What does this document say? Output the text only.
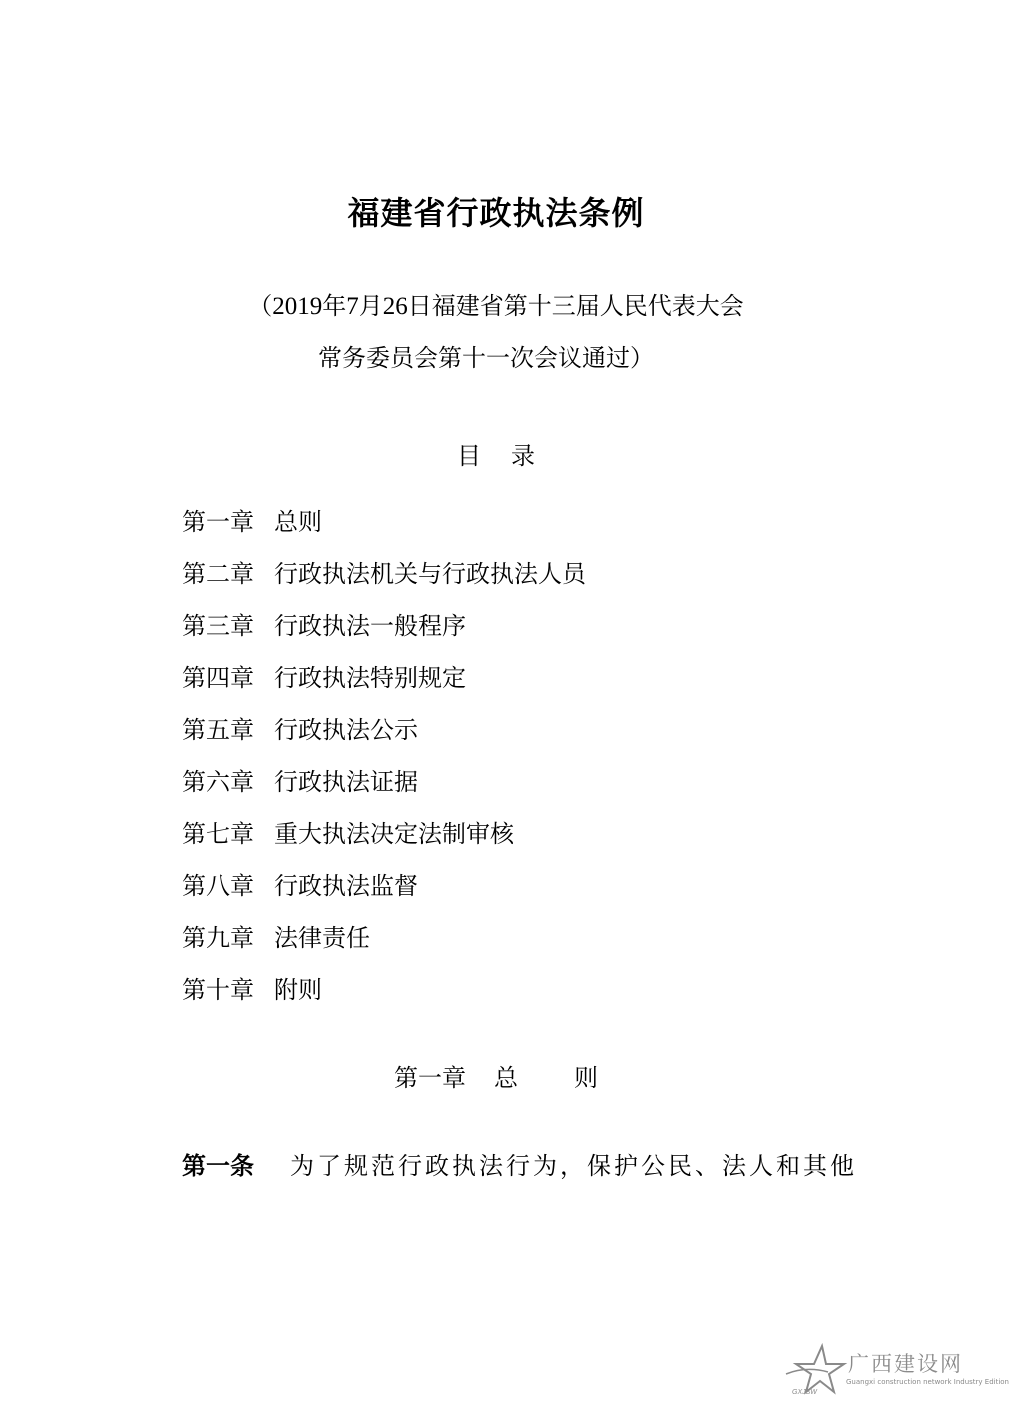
福建省行政执法条例
（2019年7月26日福建省第十三届人民代表大会
常务委员会第十一次会议通过）
目录
第一章 总则
第二章 行政执法机关与行政执法人员
第三章 行政执法一般程序
第四章 行政执法特别规定
第五章 行政执法公示
第六章 行政执法证据
第七章 重大执法决定法制审核
第八章 行政执法监督
第九章 法律责任
第十章 附则
第一章 总 则
第一条 为了规范行政执法行为，保护公民、法人和其他
GXJSW
广西建设网
Guangxi construction network Industry Edition
